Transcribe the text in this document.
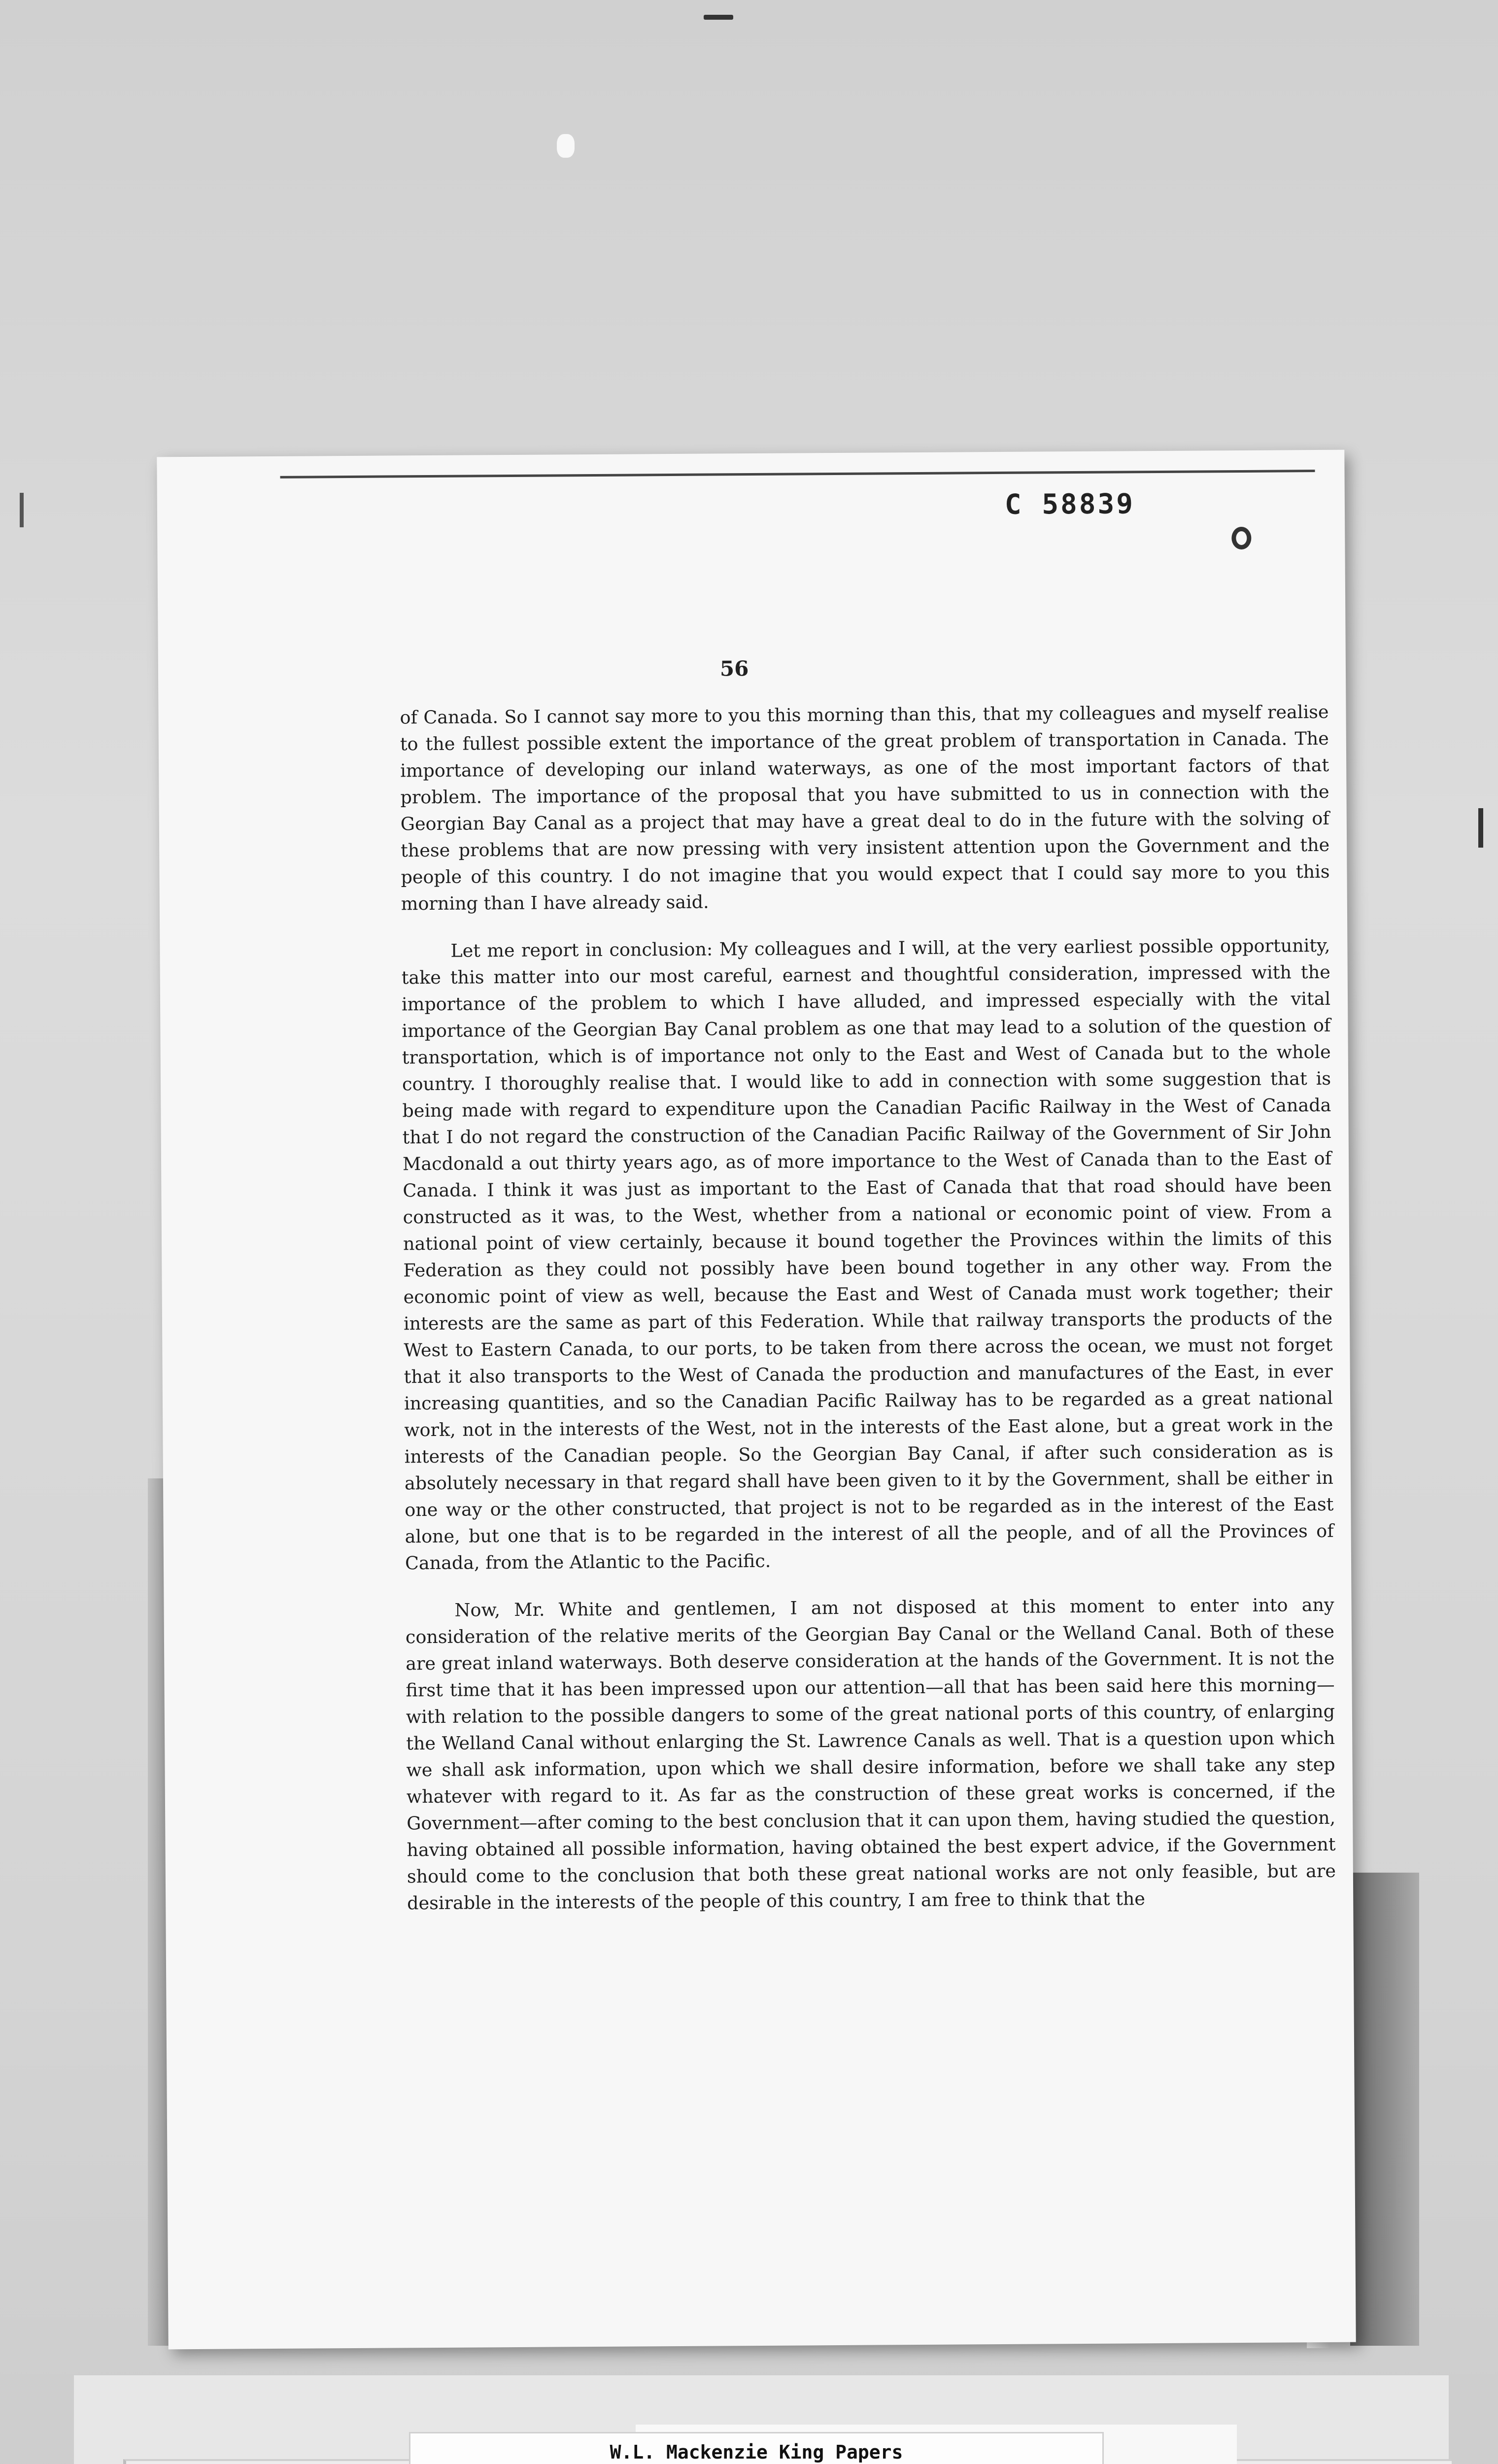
C 58839
56

of Canada. So I cannot say more to you this morning than this, that my colleagues and myself realise to the fullest possible extent the importance of the great problem of transportation in Canada. The importance of developing our inland waterways, as one of the most important factors of that problem. The importance of the proposal that you have submitted to us in connection with the Georgian Bay Canal as a project that may have a great deal to do in the future with the solving of these problems that are now pressing with very insistent attention upon the Government and the people of this country. I do not imagine that you would expect that I could say more to you this morning than I have already said.

Let me report in conclusion: My colleagues and I will, at the very earliest possible opportunity, take this matter into our most careful, earnest and thoughtful consideration, impressed with the importance of the problem to which I have alluded, and impressed especially with the vital importance of the Georgian Bay Canal problem as one that may lead to a solution of the question of transportation, which is of importance not only to the East and West of Canada but to the whole country. I thoroughly realise that. I would like to add in connection with some suggestion that is being made with regard to expenditure upon the Canadian Pacific Railway in the West of Canada that I do not regard the construction of the Canadian Pacific Railway of the Government of Sir John Macdonald a out thirty years ago, as of more importance to the West of Canada than to the East of Canada. I think it was just as important to the East of Canada that that road should have been constructed as it was, to the West, whether from a national or economic point of view. From a national point of view certainly, because it bound together the Provinces within the limits of this Federation as they could not possibly have been bound together in any other way. From the economic point of view as well, because the East and West of Canada must work together; their interests are the same as part of this Federation. While that railway transports the products of the West to Eastern Canada, to our ports, to be taken from there across the ocean, we must not forget that it also transports to the West of Canada the production and manufactures of the East, in ever increasing quantities, and so the Canadian Pacific Railway has to be regarded as a great national work, not in the interests of the West, not in the interests of the East alone, but a great work in the interests of the Canadian people. So the Georgian Bay Canal, if after such consideration as is absolutely necessary in that regard shall have been given to it by the Government, shall be either in one way or the other constructed, that project is not to be regarded as in the interest of the East alone, but one that is to be regarded in the interest of all the people, and of all the Provinces of Canada, from the Atlantic to the Pacific.

Now, Mr. White and gentlemen, I am not disposed at this moment to enter into any consideration of the relative merits of the Georgian Bay Canal or the Welland Canal. Both of these are great inland waterways. Both deserve consideration at the hands of the Government. It is not the first time that it has been impressed upon our attention—all that has been said here this morning—with relation to the possible dangers to some of the great national ports of this country, of enlarging the Welland Canal without enlarging the St. Lawrence Canals as well. That is a question upon which we shall ask information, upon which we shall desire information, before we shall take any step whatever with regard to it. As far as the construction of these great works is concerned, if the Government—after coming to the best conclusion that it can upon them, having studied the question, having obtained all possible information, having obtained the best expert advice, if the Government should come to the conclusion that both these great national works are not only feasible, but are desirable in the interests of the people of this country, I am free to think that the

W.L. Mackenzie King Papers
